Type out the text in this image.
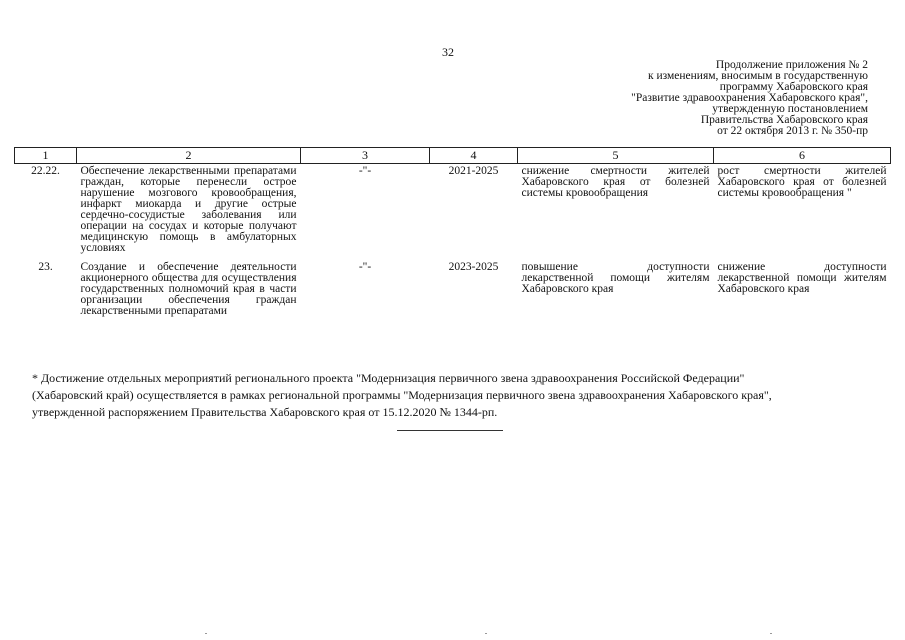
32
Продолжение приложения № 2
к изменениям, вносимым в государственную
программу Хабаровского края
"Развитие здравоохранения Хабаровского края",
утвержденную постановлением
Правительства Хабаровского края
от 22 октября 2013 г. № 350-пр
1	2	3	4	5	6
22.22.	Обеспечение лекарственными препаратами граждан, которые перенесли острое нарушение мозгового кровообращения, инфаркт миокарда и другие острые сердечно-сосудистые заболевания или операции на сосудах и которые получают медицинскую помощь в амбулаторных условиях	-"-	2021-2025	снижение смертности жителей Хабаровского края от болезней системы кровообращения	рост смертности жителей Хабаровского края от болезней системы кровообращения "
23.	Создание и обеспечение деятельности акционерного общества для осуществления государственных полномочий края в части организации обеспечения граждан лекарственными препаратами	-"-	2023-2025	повышение доступности лекарственной помощи жителям Хабаровского края	снижение доступности лекарственной помощи жителям Хабаровского края
* Достижение отдельных мероприятий регионального проекта "Модернизация первичного звена здравоохранения Российской Федерации"
(Хабаровский край) осуществляется в рамках региональной программы "Модернизация первичного звена здравоохранения Хабаровского края",
утвержденной распоряжением Правительства Хабаровского края от 15.12.2020 № 1344-рп.
